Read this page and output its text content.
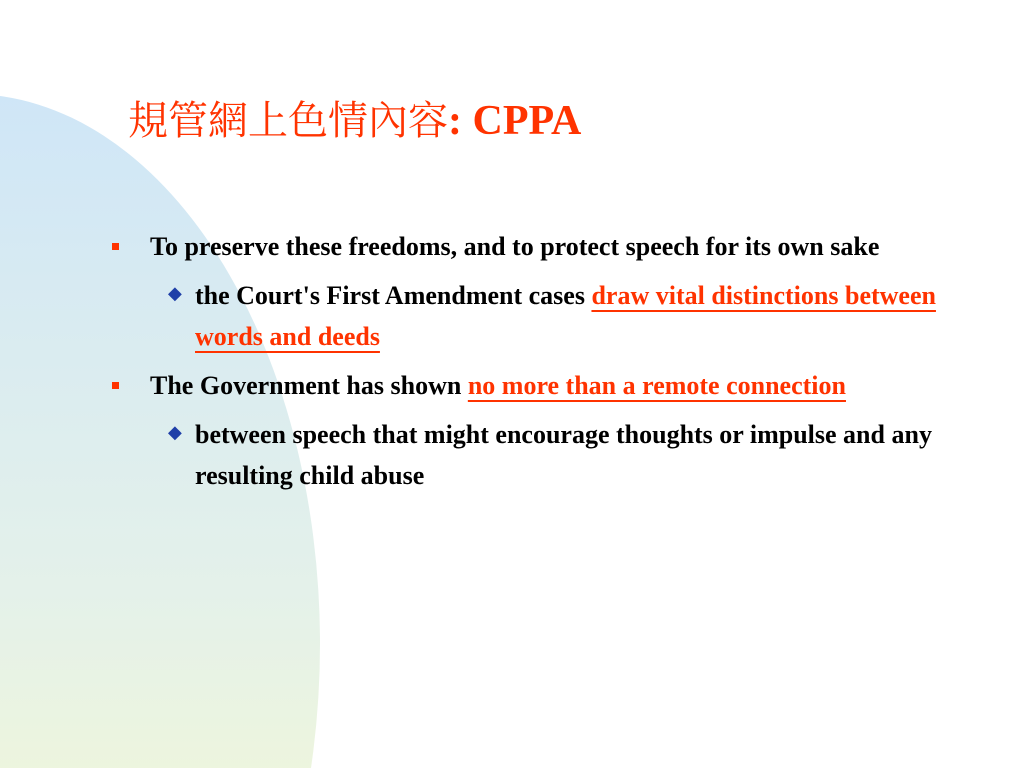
規管網上色情內容: CPPA
To preserve these freedoms, and to protect speech for its own sake
◆ the Court's First Amendment cases draw vital distinctions between words and deeds
The Government has shown no more than a remote connection
◆ between speech that might encourage thoughts or impulse and any resulting child abuse
